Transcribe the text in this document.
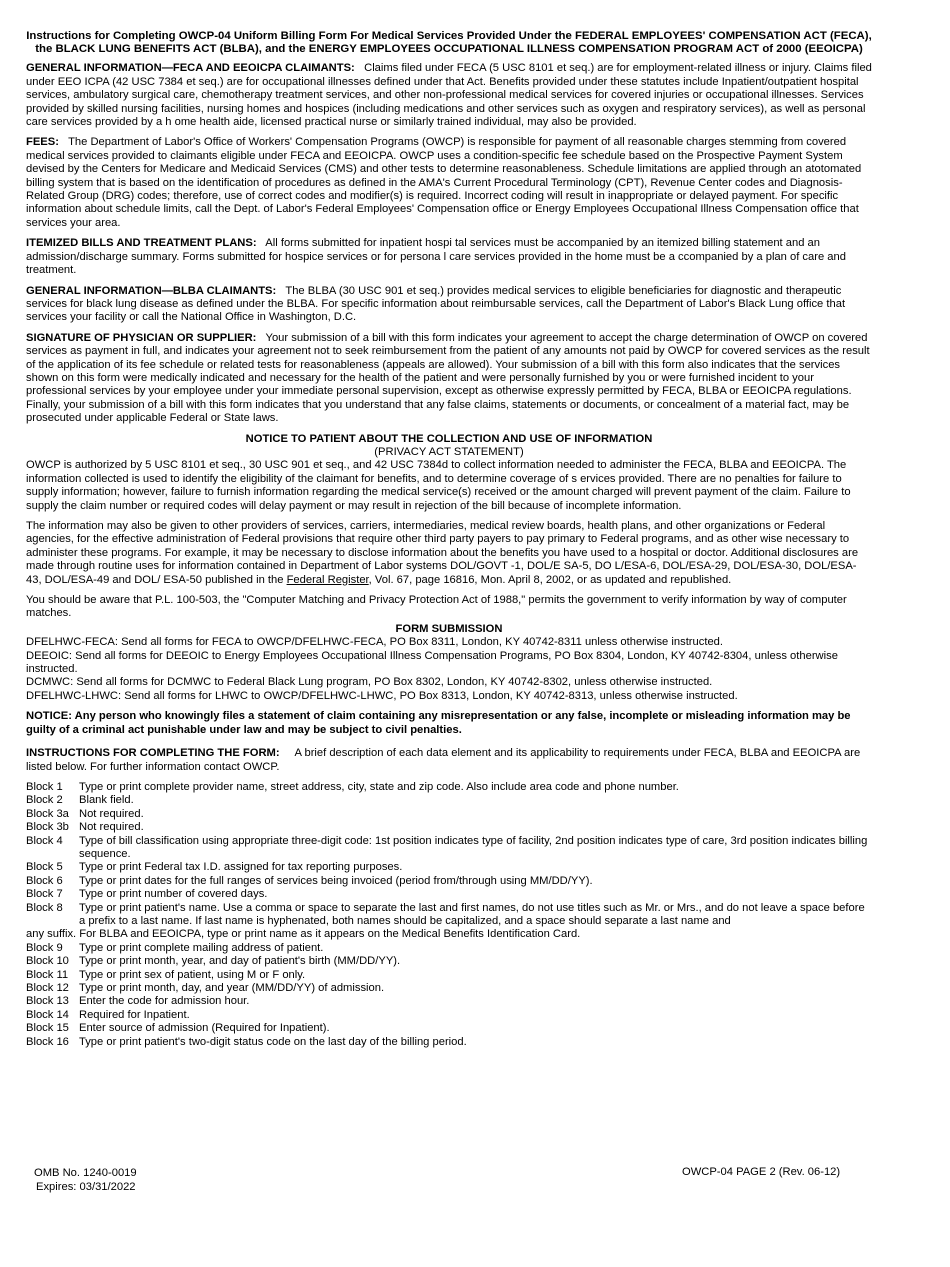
Instructions for Completing OWCP-04 Uniform Billing Form For Medical Services Provided Under the FEDERAL EMPLOYEES' COMPENSATION ACT (FECA), the BLACK LUNG BENEFITS ACT (BLBA), and the ENERGY EMPLOYEES OCCUPATIONAL ILLNESS COMPENSATION PROGRAM ACT of 2000 (EEOICPA)

GENERAL INFORMATION—FECA AND EEOICPA CLAIMANTS: Claims filed under FECA (5 USC 8101 et seq.) are for employment-related illness or injury. Claims filed under EEO ICPA (42 USC 7384 et seq.) are for occupational illnesses defined under that Act. Benefits provided under these statutes include Inpatient/outpatient hospital services, ambulatory surgical care, chemotherapy treatment services, and other non-professional medical services for covered injuries or occupational illnesses. Services provided by skilled nursing facilities, nursing homes and hospices (including medications and other services such as oxygen and respiratory services), as well as personal care services provided by a h ome health aide, licensed practical nurse or similarly trained individual, may also be provided.

FEES: The Department of Labor's Office of Workers' Compensation Programs (OWCP) is responsible for payment of all reasonable charges stemming from covered medical services provided to claimants eligible under FECA and EEOICPA. OWCP uses a condition-specific fee schedule based on the Prospective Payment System devised by the Centers for Medicare and Medicaid Services (CMS) and other tests to determine reasonableness. Schedule limitations are applied through an atotomated billing system that is based on the identification of procedures as defined in the AMA's Current Procedural Terminology (CPT), Revenue Center codes and Diagnosis-Related Group (DRG) codes; therefore, use of correct codes and modifier(s) is required. Incorrect coding will result in inappropriate or delayed payment. For specific information about schedule limits, call the Dept. of Labor's Federal Employees' Compensation office or Energy Employees Occupational Illness Compensation office that services your area.

ITEMIZED BILLS AND TREATMENT PLANS: All forms submitted for inpatient hospi tal services must be accompanied by an itemized billing statement and an admission/discharge summary. Forms submitted for hospice services or for persona l care services provided in the home must be a ccompanied by a plan of care and treatment.

GENERAL INFORMATION—BLBA CLAIMANTS: The BLBA (30 USC 901 et seq.) provides medical services to eligible beneficiaries for diagnostic and therapeutic services for black lung disease as defined under the BLBA. For specific information about reimbursable services, call the Department of Labor's Black Lung office that services your facility or call the National Office in Washington, D.C.

SIGNATURE OF PHYSICIAN OR SUPPLIER: Your submission of a bill with this form indicates your agreement to accept the charge determination of OWCP on covered services as payment in full, and indicates your agreement not to seek reimbursement from the patient of any amounts not paid by OWCP for covered services as the result of the application of its fee schedule or related tests for reasonableness (appeals are allowed). Your submission of a bill with this form also indicates that the services shown on this form were medically indicated and necessary for the health of the patient and were personally furnished by you or were furnished incident to your professional services by your employee under your immediate personal supervision, except as otherwise expressly permitted by FECA, BLBA or EEOICPA regulations. Finally, your submission of a bill with this form indicates that you understand that any false claims, statements or documents, or concealment of a material fact, may be prosecuted under applicable Federal or State laws.

NOTICE TO PATIENT ABOUT THE COLLECTION AND USE OF INFORMATION
(PRIVACY ACT STATEMENT)

OWCP is authorized by 5 USC 8101 et seq., 30 USC 901 et seq., and 42 USC 7384d to collect information needed to administer the FECA, BLBA and EEOICPA. The information collected is used to identify the eligibility of the claimant for benefits, and to determine coverage of s ervices provided. There are no penalties for failure to supply information; however, failure to furnish information regarding the medical service(s) received or the amount charged will prevent payment of the claim. Failure to supply the claim number or required codes will delay payment or may result in rejection of the bill because of incomplete information.

The information may also be given to other providers of services, carriers, intermediaries, medical review boards, health plans, and other organizations or Federal agencies, for the effective administration of Federal provisions that require other third party payers to pay primary to Federal programs, and as other wise necessary to administer these programs. For example, it may be necessary to disclose information about the benefits you have used to a hospital or doctor. Additional disclosures are made through routine uses for information contained in Department of Labor systems DOL/GOVT -1, DOL/E SA-5, DO L/ESA-6, DOL/ESA-29, DOL/ESA-30, DOL/ESA-43, DOL/ESA-49 and DOL/ ESA-50 published in the Federal Register, Vol. 67, page 16816, Mon. April 8, 2002, or as updated and republished.

You should be aware that P.L. 100-503, the "Computer Matching and Privacy Protection Act of 1988," permits the government to verify information by way of computer matches.

FORM SUBMISSION
DFELHWC-FECA: Send all forms for FECA to OWCP/DFELHWC-FECA, PO Box 8311, London, KY 40742-8311 unless otherwise instructed.
DEEOIC: Send all forms for DEEOIC to Energy Employees Occupational Illness Compensation Programs, PO Box 8304, London, KY 40742-8304, unless otherwise instructed.
DCMWC: Send all forms for DCMWC to Federal Black Lung program, PO Box 8302, London, KY 40742-8302, unless otherwise instructed.
DFELHWC-LHWC: Send all forms for LHWC to OWCP/DFELHWC-LHWC, PO Box 8313, London, KY 40742-8313, unless otherwise instructed.

NOTICE: Any person who knowingly files a statement of claim containing any misrepresentation or any false, incomplete or misleading information may be guilty of a criminal act punishable under law and may be subject to civil penalties.

INSTRUCTIONS FOR COMPLETING THE FORM: A brief description of each data element and its applicability to requirements under FECA, BLBA and EEOICPA are listed below. For further information contact OWCP.

Block 1	Type or print complete provider name, street address, city, state and zip code. Also include area code and phone number.
Block 2	Blank field.
Block 3a Not required.
Block 3b Not required.
Block 4	Type of bill classification using appropriate three-digit code: 1st position indicates type of facility, 2nd position indicates type of care, 3rd position indicates billing sequence.
Block 5	Type or print Federal tax I.D. assigned for tax reporting purposes.
Block 6	Type or print dates for the full ranges of services being invoiced (period from/through using MM/DD/YY).
Block 7	Type or print number of covered days.
Block 8	Type or print patient's name. Use a comma or space to separate the last and first names, do not use titles such as Mr. or Mrs., and do not leave a space before a prefix to a last name. If last name is hyphenated, both names should be capitalized, and a space should separate a last name and
any suffix. For BLBA and EEOICPA, type or print name as it appears on the Medical Benefits Identification Card.
Block 9	Type or print complete mailing address of patient.
Block 10 Type or print month, year, and day of patient's birth (MM/DD/YY).
Block 11 Type or print sex of patient, using M or F only.
Block 12 Type or print month, day, and year (MM/DD/YY) of admission.
Block 13 Enter the code for admission hour.
Block 14 Required for Inpatient.
Block 15 Enter source of admission (Required for Inpatient).
Block 16 Type or print patient's two-digit status code on the last day of the billing period.
OMB No. 1240-0019
Expires: 03/31/2022
OWCP-04 PAGE 2 (Rev. 06-12)
